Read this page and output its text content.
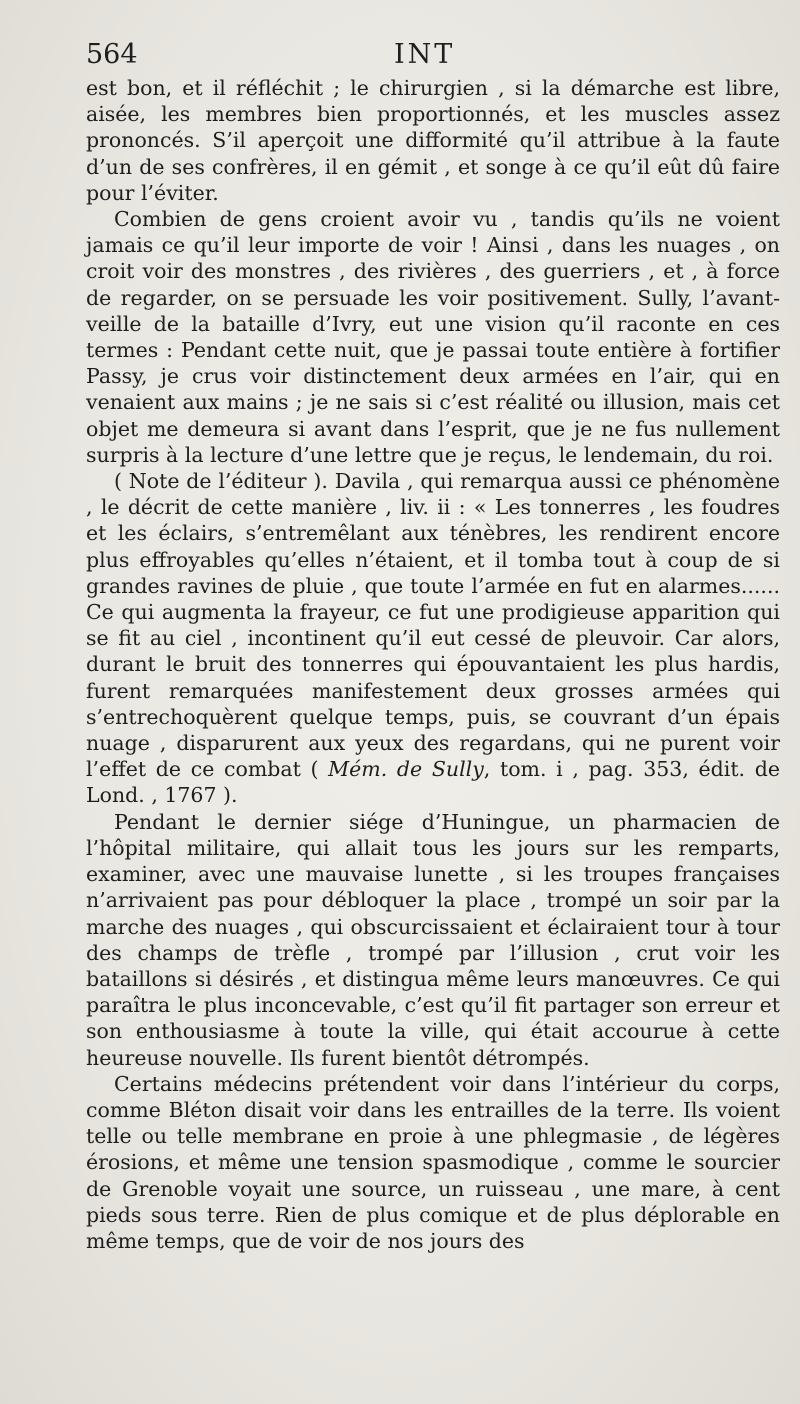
564	INT

est bon, et il réfléchit ; le chirurgien , si la démarche est libre, aisée, les membres bien proportionnés, et les muscles assez prononcés. S’il aperçoit une difformité qu’il attribue à la faute d’un de ses confrères, il en gémit , et songe à ce qu’il eût dû faire pour l’éviter.

Combien de gens croient avoir vu , tandis qu’ils ne voient jamais ce qu’il leur importe de voir ! Ainsi , dans les nuages , on croit voir des monstres , des rivières , des guerriers , et , à force de regarder, on se persuade les voir positivement. Sully, l’avant-veille de la bataille d’Ivry, eut une vision qu’il raconte en ces termes : Pendant cette nuit, que je passai toute entière à fortifier Passy, je crus voir distinctement deux armées en l’air, qui en venaient aux mains ; je ne sais si c’est réalité ou illusion, mais cet objet me demeura si avant dans l’esprit, que je ne fus nullement surpris à la lecture d’une lettre que je reçus, le lendemain, du roi.

( Note de l’éditeur ). Davila , qui remarqua aussi ce phénomène , le décrit de cette manière , liv. ii : « Les tonnerres , les foudres et les éclairs, s’entremêlant aux ténèbres, les rendirent encore plus effroyables qu’elles n’étaient, et il tomba tout à coup de si grandes ravines de pluie , que toute l’armée en fut en alarmes...... Ce qui augmenta la frayeur, ce fut une prodigieuse apparition qui se fit au ciel , incontinent qu’il eut cessé de pleuvoir. Car alors, durant le bruit des tonnerres qui épouvantaient les plus hardis, furent remarquées manifestement deux grosses armées qui s’entrechoquèrent quelque temps, puis, se couvrant d’un épais nuage , disparurent aux yeux des regardans, qui ne purent voir l’effet de ce combat ( Mém. de Sully, tom. i , pag. 353, édit. de Lond. , 1767 ).

Pendant le dernier siége d’Huningue, un pharmacien de l’hôpital militaire, qui allait tous les jours sur les remparts, examiner, avec une mauvaise lunette , si les troupes françaises n’arrivaient pas pour débloquer la place , trompé un soir par la marche des nuages , qui obscurcissaient et éclairaient tour à tour des champs de trèfle , trompé par l’illusion , crut voir les bataillons si désirés , et distingua même leurs manœuvres. Ce qui paraîtra le plus inconcevable, c’est qu’il fit partager son erreur et son enthousiasme à toute la ville, qui était accourue à cette heureuse nouvelle. Ils furent bientôt détrompés.

Certains médecins prétendent voir dans l’intérieur du corps, comme Bléton disait voir dans les entrailles de la terre. Ils voient telle ou telle membrane en proie à une phlegmasie , de légères érosions, et même une tension spasmodique , comme le sourcier de Grenoble voyait une source, un ruisseau , une mare, à cent pieds sous terre. Rien de plus comique et de plus déplorable en même temps, que de voir de nos jours des
